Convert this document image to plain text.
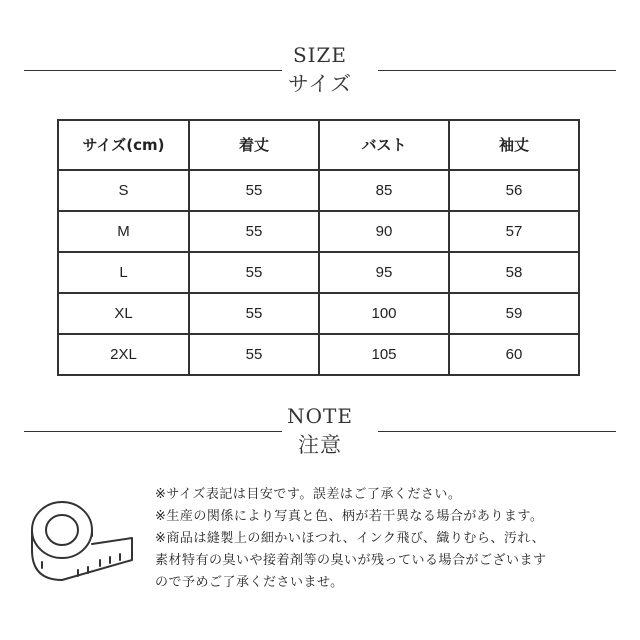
SIZE
サイズ
サイズ(cm)	着丈	バスト	袖丈
S	55	85	56
M	55	90	57
L	55	95	58
XL	55	100	59
2XL	55	105	60
NOTE
注意
※サイズ表記は目安です。誤差はご了承ください。
※生産の関係により写真と色、柄が若干異なる場合があります。
※商品は縫製上の細かいほつれ、インク飛び、織りむら、汚れ、
素材特有の臭いや接着剤等の臭いが残っている場合がございます
ので予めご了承くださいませ。
